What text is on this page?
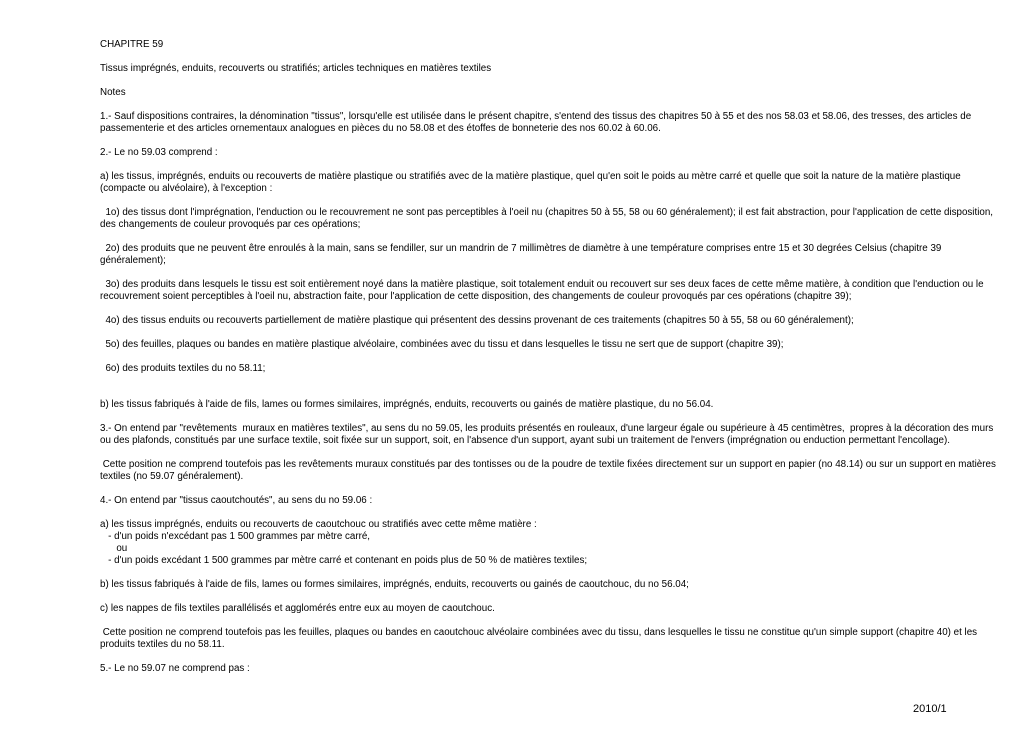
CHAPITRE 59

Tissus imprégnés, enduits, recouverts ou stratifiés; articles techniques en matières textiles

Notes

1.- Sauf dispositions contraires, la dénomination "tissus", lorsqu'elle est utilisée dans le présent chapitre, s'entend des tissus des chapitres 50 à 55 et des nos 58.03 et 58.06, des tresses, des articles de passementerie et des articles ornementaux analogues en pièces du no 58.08 et des étoffes de bonneterie des nos 60.02 à 60.06.

2.- Le no 59.03 comprend :

a) les tissus, imprégnés, enduits ou recouverts de matière plastique ou stratifiés avec de la matière plastique, quel qu'en soit le poids au mètre carré et quelle que soit la nature de la matière plastique (compacte ou alvéolaire), à l'exception :

1o) des tissus dont l'imprégnation, l'enduction ou le recouvrement ne sont pas perceptibles à l'oeil nu (chapitres 50 à 55, 58 ou 60 généralement); il est fait abstraction, pour l'application de cette disposition, des changements de couleur provoqués par ces opérations;

2o) des produits que ne peuvent être enroulés à la main, sans se fendiller, sur un mandrin de 7 millimètres de diamètre à une température comprises entre 15 et 30 degrées Celsius (chapitre 39 généralement);

3o) des produits dans lesquels le tissu est soit entièrement noyé dans la matière plastique, soit totalement enduit ou recouvert sur ses deux faces de cette même matière, à condition que l'enduction ou le recouvrement soient perceptibles à l'oeil nu, abstraction faite, pour l'application de cette disposition, des changements de couleur provoqués par ces opérations (chapitre 39);

4o) des tissus enduits ou recouverts partiellement de matière plastique qui présentent des dessins provenant de ces traitements (chapitres 50 à 55, 58 ou 60 généralement);

5o) des feuilles, plaques ou bandes en matière plastique alvéolaire, combinées avec du tissu et dans lesquelles le tissu ne sert que de support (chapitre 39);

6o) des produits textiles du no 58.11;

b) les tissus fabriqués à l'aide de fils, lames ou formes similaires, imprégnés, enduits, recouverts ou gainés de matière plastique, du no 56.04.

3.- On entend par "revêtements  muraux en matières textiles", au sens du no 59.05, les produits présentés en rouleaux, d'une largeur égale ou supérieure à 45 centimètres,  propres à la décoration des murs ou des plafonds, constitués par une surface textile, soit fixée sur un support, soit, en l'absence d'un support, ayant subi un traitement de l'envers (imprégnation ou enduction permettant l'encollage).

Cette position ne comprend toutefois pas les revêtements muraux constitués par des tontisses ou de la poudre de textile fixées directement sur un support en papier (no 48.14) ou sur un support en matières textiles (no 59.07 généralement).

4.- On entend par "tissus caoutchoutés", au sens du no 59.06 :

a) les tissus imprégnés, enduits ou recouverts de caoutchouc ou stratifiés avec cette même matière :

- d'un poids n'excédant pas 1 500 grammes par mètre carré,

ou

- d'un poids excédant 1 500 grammes par mètre carré et contenant en poids plus de 50 % de matières textiles;

b) les tissus fabriqués à l'aide de fils, lames ou formes similaires, imprégnés, enduits, recouverts ou gainés de caoutchouc, du no 56.04;

c) les nappes de fils textiles parallélisés et agglomérés entre eux au moyen de caoutchouc.

Cette position ne comprend toutefois pas les feuilles, plaques ou bandes en caoutchouc alvéolaire combinées avec du tissu, dans lesquelles le tissu ne constitue qu'un simple support (chapitre 40) et les produits textiles du no 58.11.

5.- Le no 59.07 ne comprend pas :

2010/1
